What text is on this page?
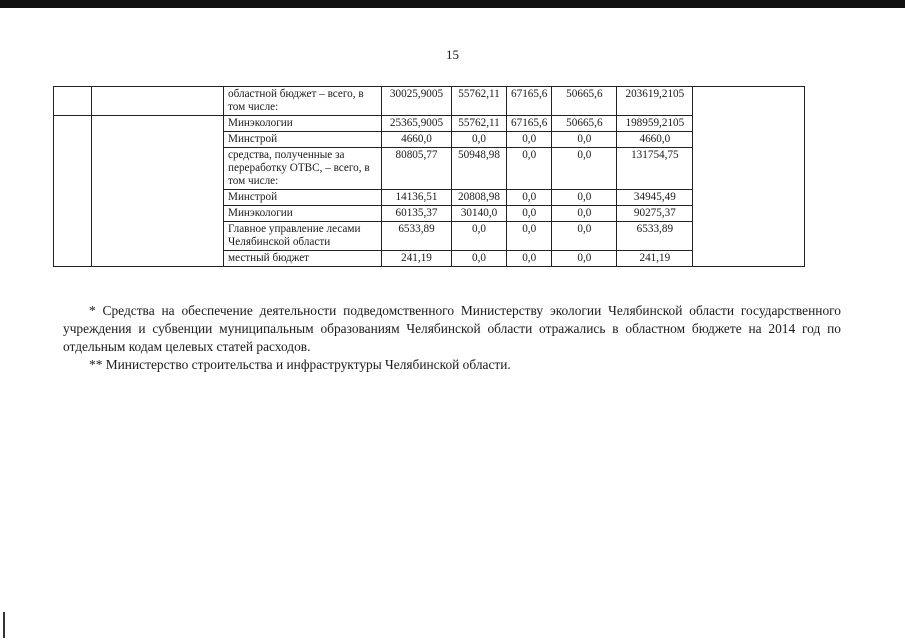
15
		областной бюджет – всего, в том числе:	30025,9005	55762,11	67165,6	50665,6	203619,2105	
		Минэкологии	25365,9005	55762,11	67165,6	50665,6	198959,2105	
		Минстрой	4660,0	0,0	0,0	0,0	4660,0	
		средства, полученные за переработку ОТВС, – всего, в том числе:	80805,77	50948,98	0,0	0,0	131754,75	
		Минстрой	14136,51	20808,98	0,0	0,0	34945,49	
		Минэкологии	60135,37	30140,0	0,0	0,0	90275,37	
		Главное управление лесами Челябинской области	6533,89	0,0	0,0	0,0	6533,89	
		местный бюджет	241,19	0,0	0,0	0,0	241,19	

* Средства на обеспечение деятельности подведомственного Министерству экологии Челябинской области государственного учреждения и субвенции муниципальным образованиям Челябинской области отражались в областном бюджете на 2014 год по отдельным кодам целевых статей расходов.

** Министерство строительства и инфраструктуры Челябинской области.
